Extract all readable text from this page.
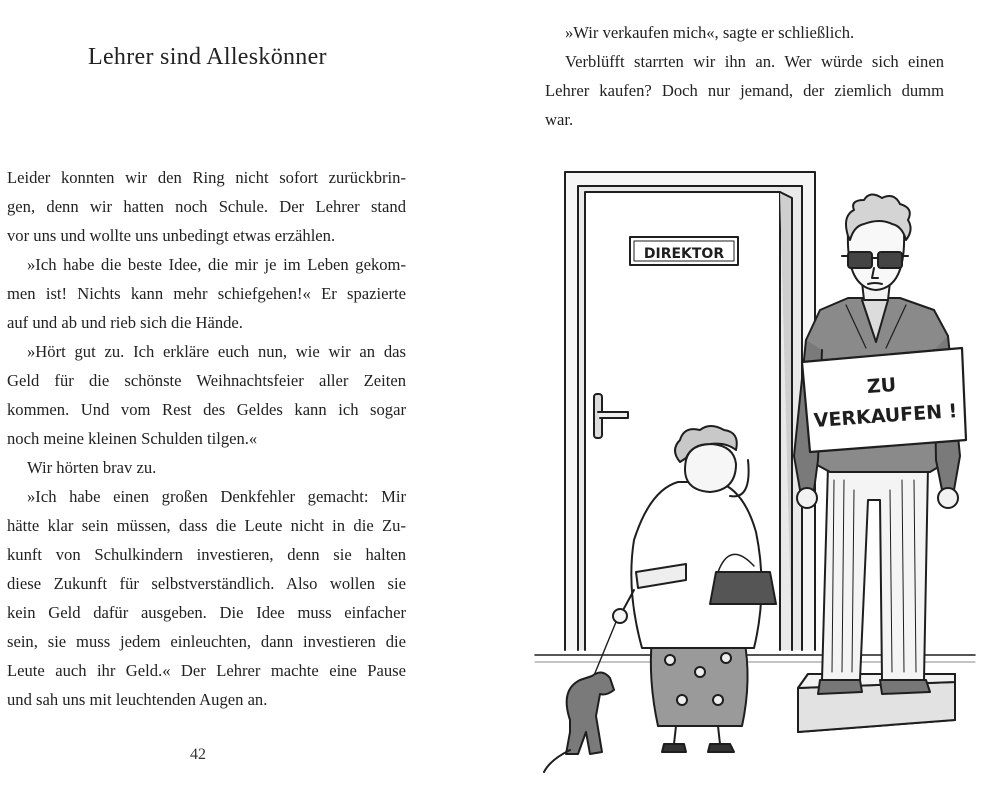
Lehrer sind Alleskönner
Leider konnten wir den Ring nicht sofort zurückbrin-
gen, denn wir hatten noch Schule. Der Lehrer stand
vor uns und wollte uns unbedingt etwas erzählen.
»Ich habe die beste Idee, die mir je im Leben gekom-
men ist! Nichts kann mehr schiefgehen!« Er spazierte
auf und ab und rieb sich die Hände.
»Hört gut zu. Ich erkläre euch nun, wie wir an das
Geld für die schönste Weihnachtsfeier aller Zeiten
kommen. Und vom Rest des Geldes kann ich sogar
noch meine kleinen Schulden tilgen.«
Wir hörten brav zu.
»Ich habe einen großen Denkfehler gemacht: Mir
hätte klar sein müssen, dass die Leute nicht in die Zu-
kunft von Schulkindern investieren, denn sie halten
diese Zukunft für selbstverständlich. Also wollen sie
kein Geld dafür ausgeben. Die Idee muss einfacher
sein, sie muss jedem einleuchten, dann investieren die
Leute auch ihr Geld.« Der Lehrer machte eine Pause
und sah uns mit leuchtenden Augen an.
42
»Wir verkaufen mich«, sagte er schließlich.
Verblüfft starrten wir ihn an. Wer würde sich einen
Lehrer kaufen? Doch nur jemand, der ziemlich dumm
war.
DIREKTOR
ZU
VERKAUFEN !
